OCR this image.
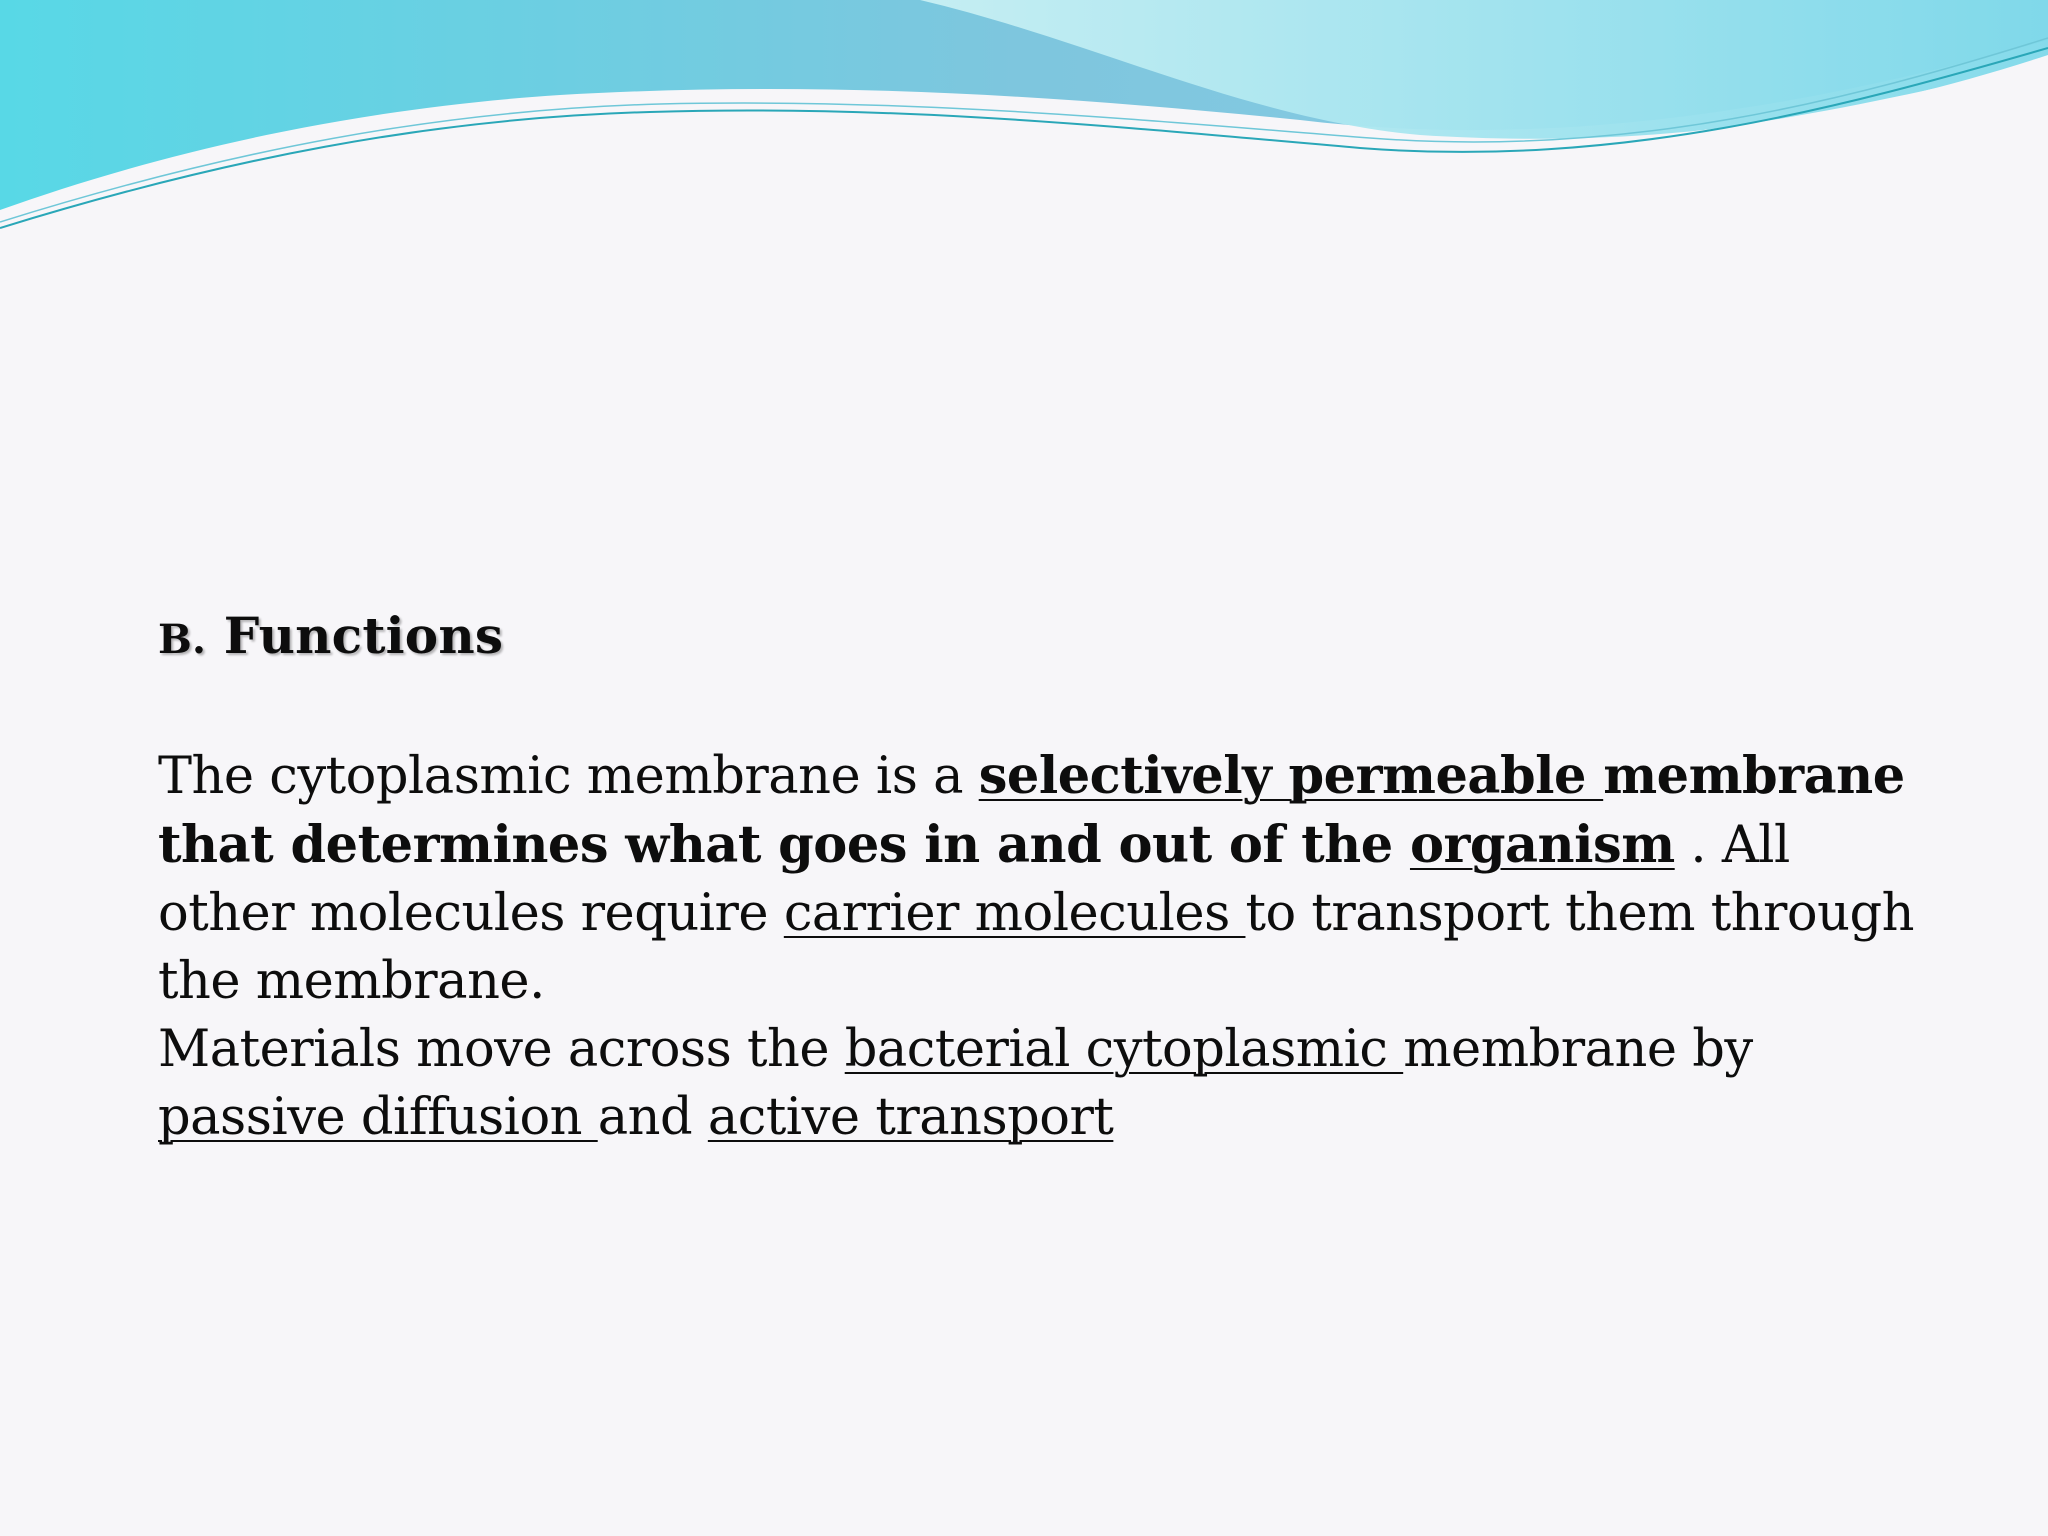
B. Functions

The cytoplasmic membrane is a selectively permeable membrane that determines what goes in and out of the organism . All other molecules require carrier molecules to transport them through the membrane.
Materials move across the bacterial cytoplasmic membrane by passive diffusion and active transport
